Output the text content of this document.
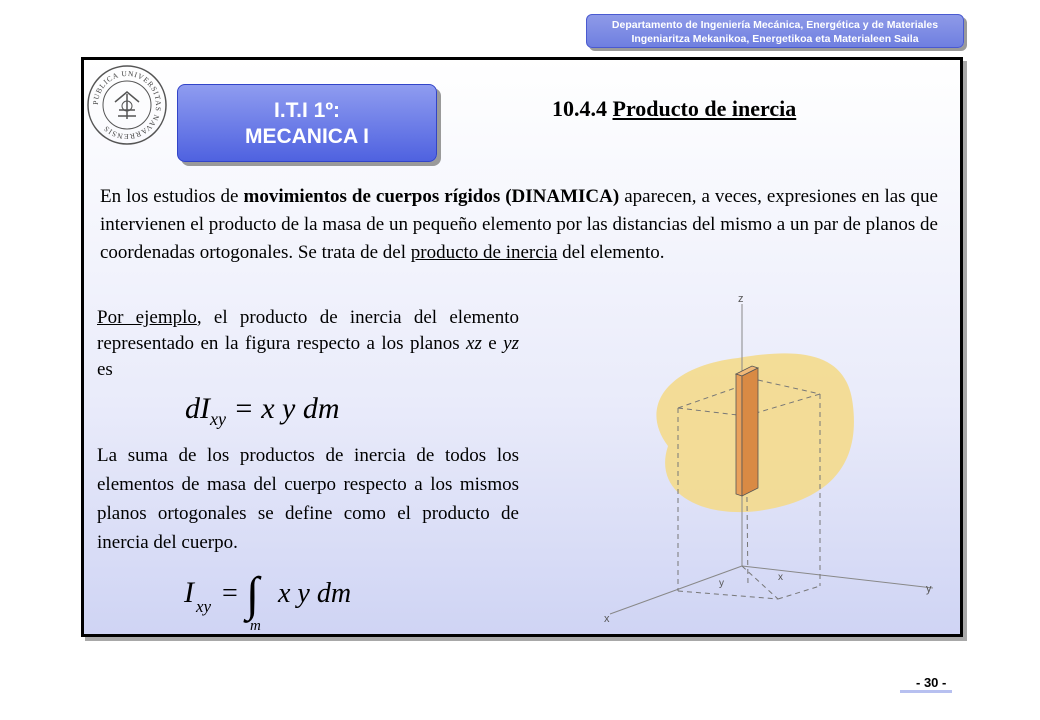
Departamento de Ingeniería Mecánica, Energética y de Materiales
Ingeniaritza Mekanikoa, Energetikoa eta Materialeen Saila
PUBLICA UNIVERSITAS NAVARRENSIS
I.T.I 1º:
MECANICA I
10.4.4 Producto de inercia

En los estudios de movimientos de cuerpos rígidos (DINAMICA) aparecen, a veces, expresiones en las que intervienen el producto de la masa de un pequeño elemento por las distancias del mismo a un par de planos de coordenadas ortogonales. Se trata de del producto de inercia del elemento.

Por ejemplo, el producto de inercia del elemento representado en la figura respecto a los planos xz e yz es

$dI_{xy} = x$ y dm

La suma de los productos de inercia de todos los elementos de masa del cuerpo respecto a los mismos planos ortogonales se define como el producto de inercia del cuerpo.

I xy = ∫
m
x y dm
z
x
y
x
y
- 30 -
